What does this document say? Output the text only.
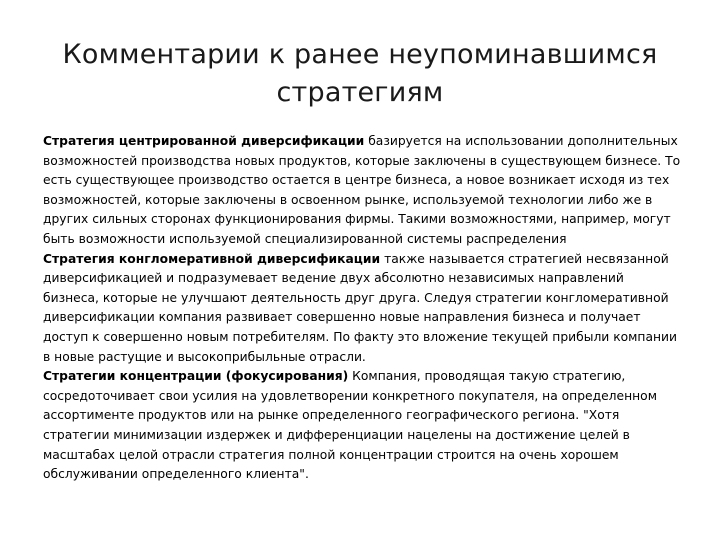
Комментарии к ранее неупоминавшимся
стратегиям

Стратегия центрированной диверсификации базируется на использовании дополнительных возможностей производства новых продуктов, которые заключены в существующем бизнесе. То есть существующее производство остается в центре бизнеса, а новое возникает исходя из тех возможностей, которые заключены в освоенном рынке, используемой технологии либо же в других сильных сторонах функционирования фирмы. Такими возможностями, например, могут быть возможности используемой специализированной системы распределения

Стратегия конгломеративной диверсификации также называется стратегией несвязанной диверсификацией и подразумевает ведение двух абсолютно независимых направлений бизнеса, которые не улучшают деятельность друг друга. Следуя стратегии конгломеративной диверсификации компания развивает совершенно новые направления бизнеса и получает доступ к совершенно новым потребителям. По факту это вложение текущей прибыли компании в новые растущие и высокоприбыльные отрасли.

Стратегии концентрации (фокусирования) Компания, проводящая такую стратегию, сосредоточивает свои усилия на удовлетворении конкретного покупателя, на определенном ассортименте продуктов или на рынке определенного географического региона. "Хотя стратегии минимизации издержек и дифференциации нацелены на достижение целей в масштабах целой отрасли стратегия полной концентрации строится на очень хорошем обслуживании определенного клиента".
